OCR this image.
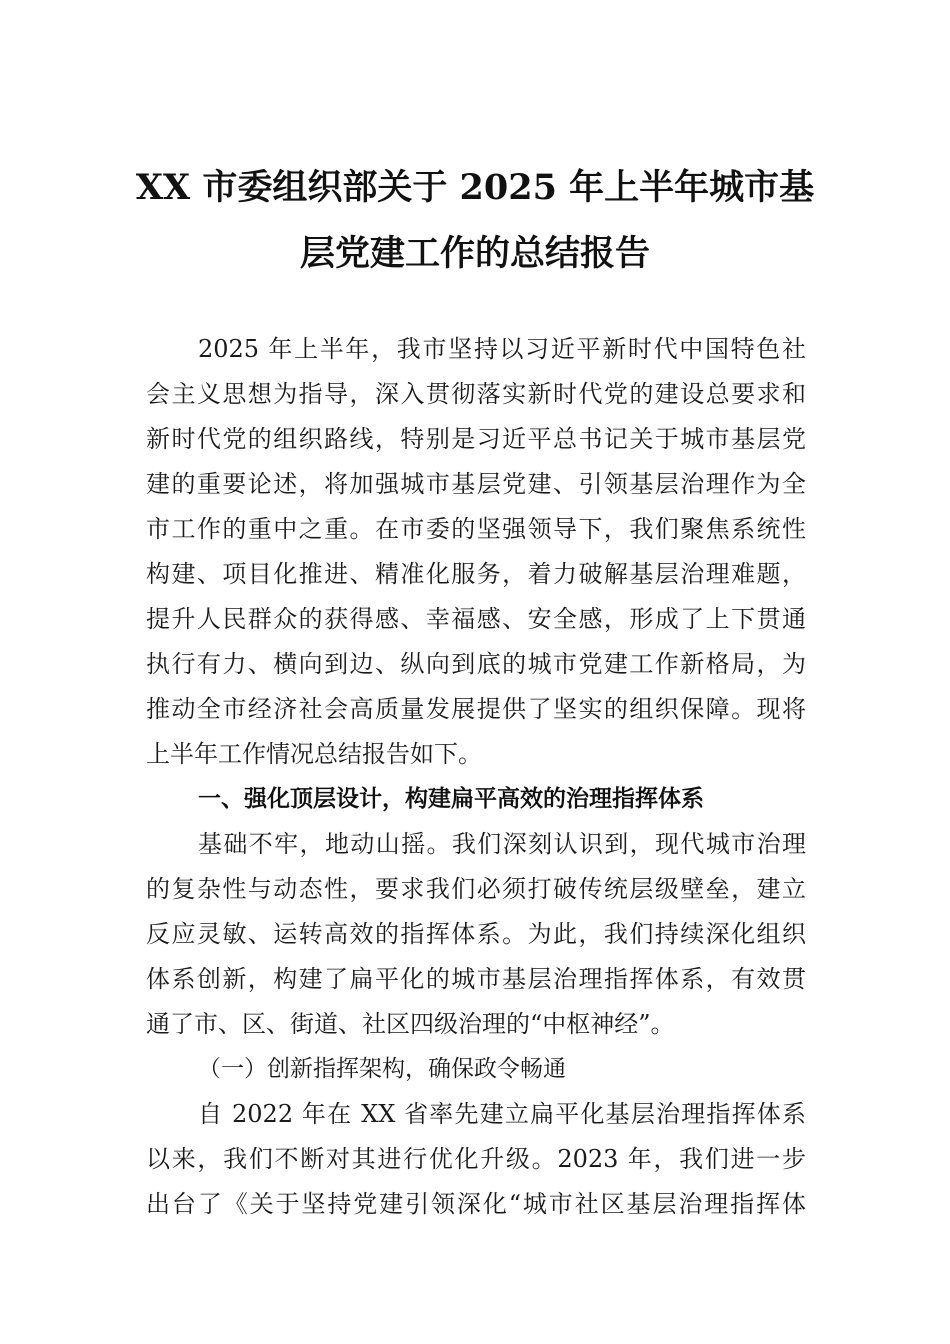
XX 市委组织部关于 2025 年上半年城市基
层党建工作的总结报告
2025 年上半年，我市坚持以习近平新时代中国特色社
会主义思想为指导，深入贯彻落实新时代党的建设总要求和
新时代党的组织路线，特别是习近平总书记关于城市基层党
建的重要论述，将加强城市基层党建、引领基层治理作为全
市工作的重中之重。在市委的坚强领导下，我们聚焦系统性
构建、项目化推进、精准化服务，着力破解基层治理难题，
提升人民群众的获得感、幸福感、安全感，形成了上下贯通
执行有力、横向到边、纵向到底的城市党建工作新格局，为
推动全市经济社会高质量发展提供了坚实的组织保障。现将
上半年工作情况总结报告如下。
一、强化顶层设计，构建扁平高效的治理指挥体系
基础不牢，地动山摇。我们深刻认识到，现代城市治理
的复杂性与动态性，要求我们必须打破传统层级壁垒，建立
反应灵敏、运转高效的指挥体系。为此，我们持续深化组织
体系创新，构建了扁平化的城市基层治理指挥体系，有效贯
通了市、区、街道、社区四级治理的“中枢神经”。
（一）创新指挥架构，确保政令畅通
自 2022 年在 XX 省率先建立扁平化基层治理指挥体系
以来，我们不断对其进行优化升级。2023 年，我们进一步
出台了《关于坚持党建引领深化“城市社区基层治理指挥体
